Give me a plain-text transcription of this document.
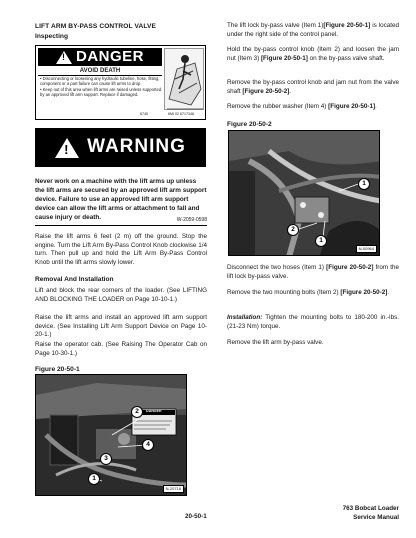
LIFT ARM BY-PASS CONTROL VALVE
Inspecting
! DANGER
AVOID DEATH
• Disconnecting or loosening any hydraulic tubeline, hose, fitting, component or a part failure can cause lift arms to drop.
• Keep out of this area when lift arms are raised unless supported by an approved lift arm support. Replace if damaged.
6745	6MI 02 6717348
! WARNING
Never work on a machine with the lift arms up unless the lift arms are secured by an approved lift arm support device. Failure to use an approved lift arm support device can allow the lift arms or attachment to fall and cause injury or death.	W-2059-0598

Raise the lift arms 6 feet (2 m) off the ground. Stop the engine. Turn the Lift Arm By-Pass Control Knob clockwise 1/4 turn. Then pull up and hold the Lift Arm By-Pass Control Knob until the lift arms slowly lower.

Removal And Installation

Lift and block the rear corners of the loader. (See LIFTING AND BLOCKING THE LOADER on Page 10-10-1.)

Raise the lift arms and install an approved lift arm support device. (See Installing Lift Arm Support Device on Page 10-20-1.)

Raise the operator cab. (See Raising The Operator Cab on Page 10-30-1.)

Figure 20-50-1
DANGER
2
4
3
1
N-20718

The lift lock by-pass valve (Item 1)[Figure 20-50-1] is located under the right side of the control panel.

Hold the by-pass control knob (Item 2) and loosen the jam nut (Item 3) [Figure 20-50-1] on the by-pass valve shaft.

Remove the by-pass control knob and jam nut from the valve shaft [Figure 20-50-2].

Remove the rubber washer (Item 4) [Figure 20-50-1].

Figure 20-50-2
1
2
1
N-00964

Disconnect the two hoses (Item 1) [Figure 20-50-2] from the lift lock by-pass valve.

Remove the two mounting bolts (Item 2) [Figure 20-50-2].

Installation: Tighten the mounting bolts to 180-200 in.-lbs. (21-23 Nm) torque.

Remove the lift arm by-pass valve.

20-50-1
763 Bobcat Loader
Service Manual
